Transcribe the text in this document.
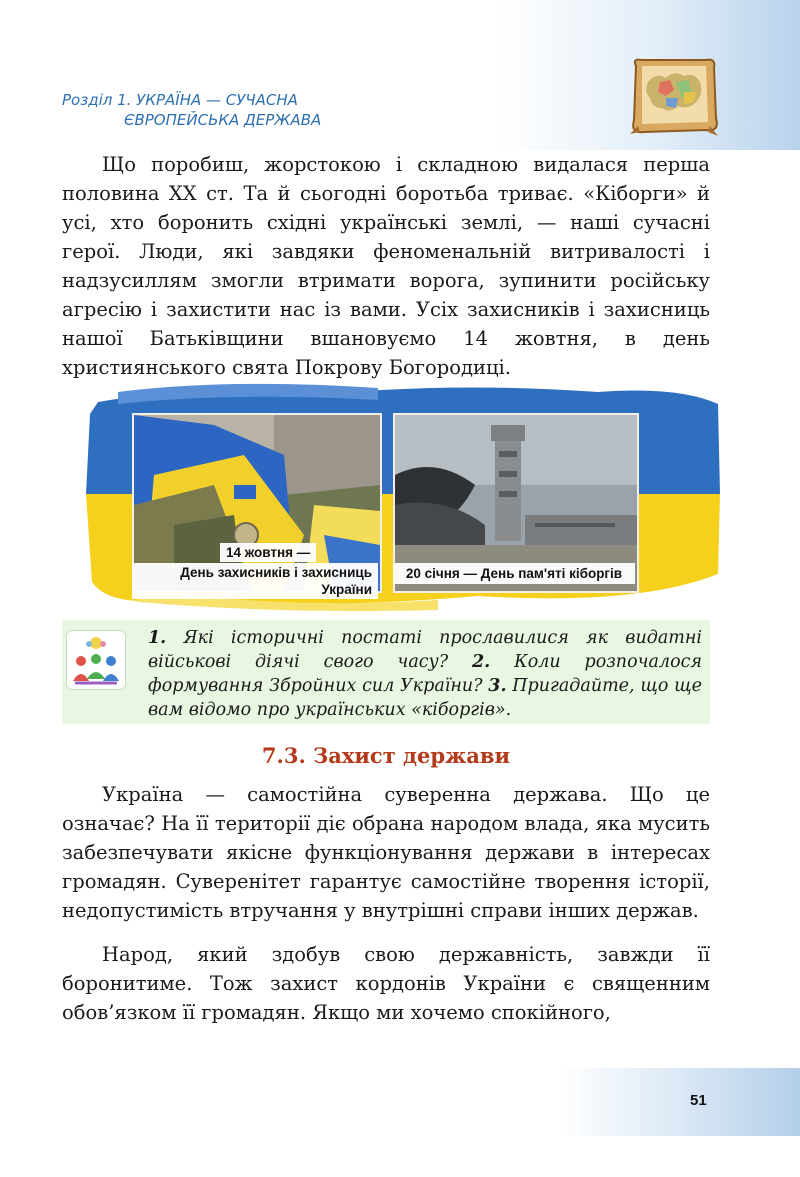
Розділ 1. УКРАЇНА — СУЧАСНА
ЄВРОПЕЙСЬКА ДЕРЖАВА

Що поробиш, жорстокою і складною видалася перша половина ХХ ст. Та й сьогодні боротьба триває. «Кіборги» й усі, хто боронить східні українські землі, — наші сучасні герої. Люди, які завдяки феноменальній витривалості і надзусиллям змогли втримати ворога, зупинити російську агресію і захистити нас із вами. Усіх захисників і захисниць нашої Батьківщини вшановуємо 14 жовтня, в день християнського свята Покрову Богородиці.

14 жовтня —
День захисників і захисниць України
20 січня — День пам'яті кіборгів
1. Які історичні постаті прославилися як видатні військові діячі свого часу? 2. Коли розпочалося формування Збройних сил України? 3. Пригадайте, що ще вам відомо про українських «кіборгів».
7.3. Захист держави

Україна — самостійна суверенна держава. Що це означає? На її території діє обрана народом влада, яка мусить забезпечувати якісне функціонування держави в інтересах громадян. Суверенітет гарантує самостійне творення історії, недопустимість втручання у внутрішні справи інших держав.

Народ, який здобув свою державність, завжди її боронитиме. Тож захист кордонів України є священним обов’язком її громадян. Якщо ми хочемо спокійного,

51
